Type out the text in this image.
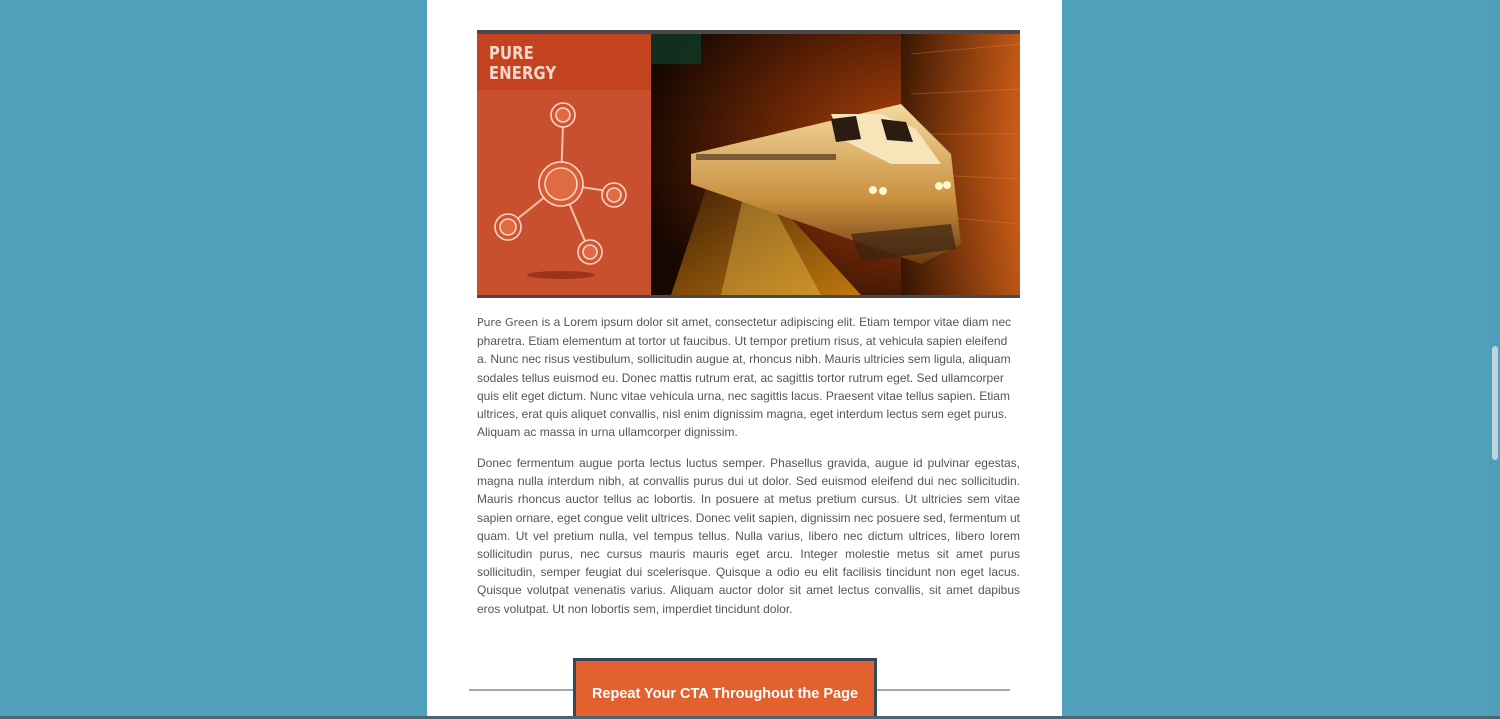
PURE ENERGY

Pure Green is a Lorem ipsum dolor sit amet, consectetur adipiscing elit. Etiam tempor vitae diam nec pharetra. Etiam elementum at tortor ut faucibus. Ut tempor pretium risus, at vehicula sapien eleifend a. Nunc nec risus vestibulum, sollicitudin augue at, rhoncus nibh. Mauris ultricies sem ligula, aliquam sodales tellus euismod eu. Donec mattis rutrum erat, ac sagittis tortor rutrum eget. Sed ullamcorper quis elit eget dictum. Nunc vitae vehicula urna, nec sagittis lacus. Praesent vitae tellus sapien. Etiam ultrices, erat quis aliquet convallis, nisl enim dignissim magna, eget interdum lectus sem eget purus. Aliquam ac massa in urna ullamcorper dignissim.

Donec fermentum augue porta lectus luctus semper. Phasellus gravida, augue id pulvinar egestas, magna nulla interdum nibh, at convallis purus dui ut dolor. Sed euismod eleifend dui nec sollicitudin. Mauris rhoncus auctor tellus ac lobortis. In posuere at metus pretium cursus. Ut ultricies sem vitae sapien ornare, eget congue velit ultrices. Donec velit sapien, dignissim nec posuere sed, fermentum ut quam. Ut vel pretium nulla, vel tempus tellus. Nulla varius, libero nec dictum ultrices, libero lorem sollicitudin purus, nec cursus mauris mauris eget arcu. Integer molestie metus sit amet purus sollicitudin, semper feugiat dui scelerisque. Quisque a odio eu elit facilisis tincidunt non eget lacus. Quisque volutpat venenatis varius. Aliquam auctor dolor sit amet lectus convallis, sit amet dapibus eros volutpat. Ut non lobortis sem, imperdiet tincidunt dolor.

Repeat Your CTA Throughout the Page
